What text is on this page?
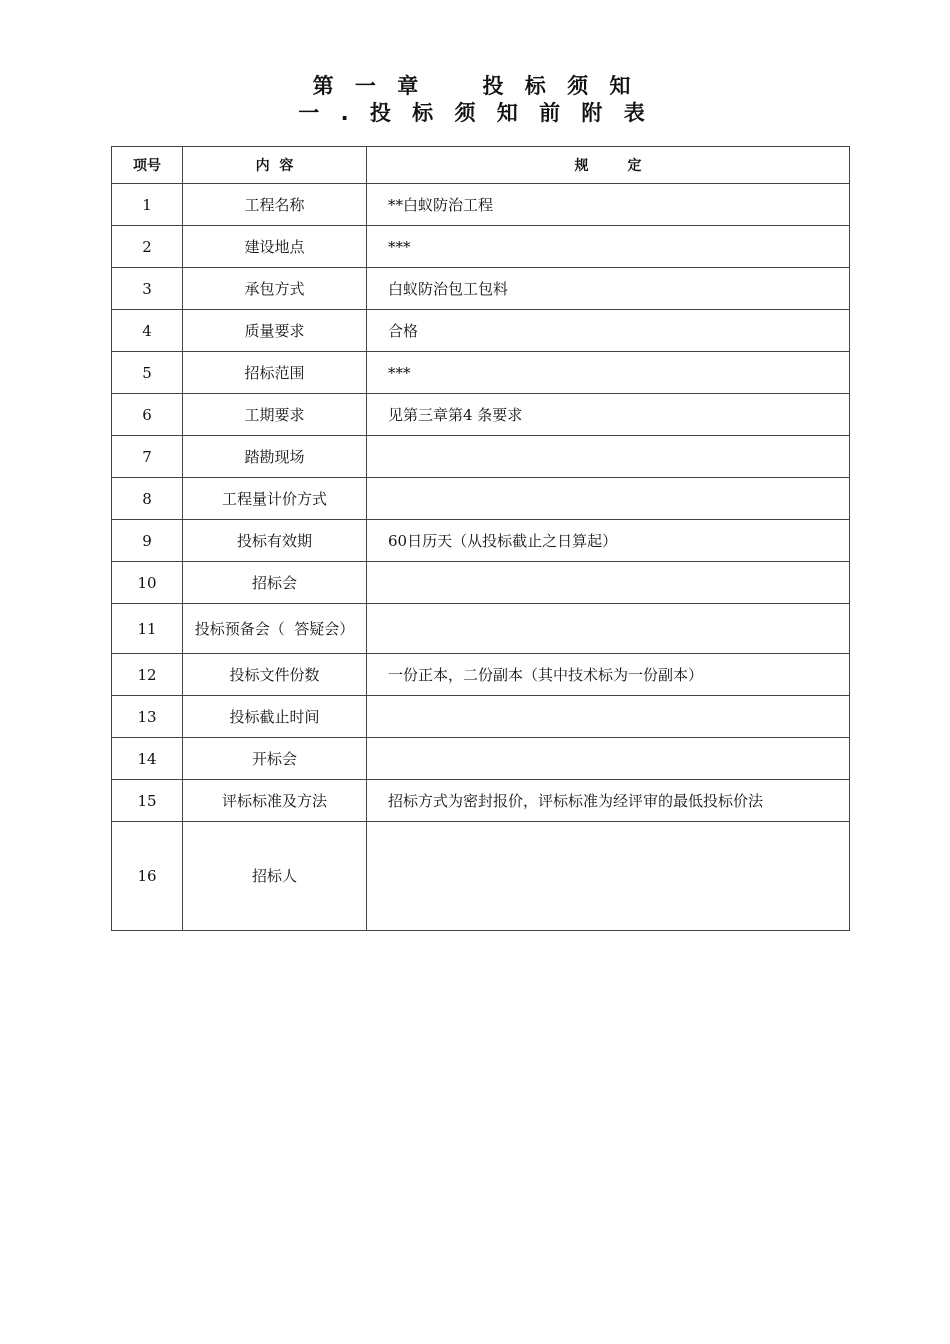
第 一 章    投 标 须 知
一 . 投 标 须 知 前 附 表
项号	内  容	规        定
1	工程名称	**白蚁防治工程
2	建设地点	***
3	承包方式	白蚁防治包工包料
4	质量要求	合格
5	招标范围	***
6	工期要求	见第三章第4 条要求
7	踏勘现场	
8	工程量计价方式	
9	投标有效期	60日历天（从投标截止之日算起）
10	招标会	
11	投标预备会（  答疑会）	
12	投标文件份数	一份正本，二份副本（其中技术标为一份副本）
13	投标截止时间	
14	开标会	
15	评标标准及方法	招标方式为密封报价，评标标准为经评审的最低投标价法
16	招标人	
